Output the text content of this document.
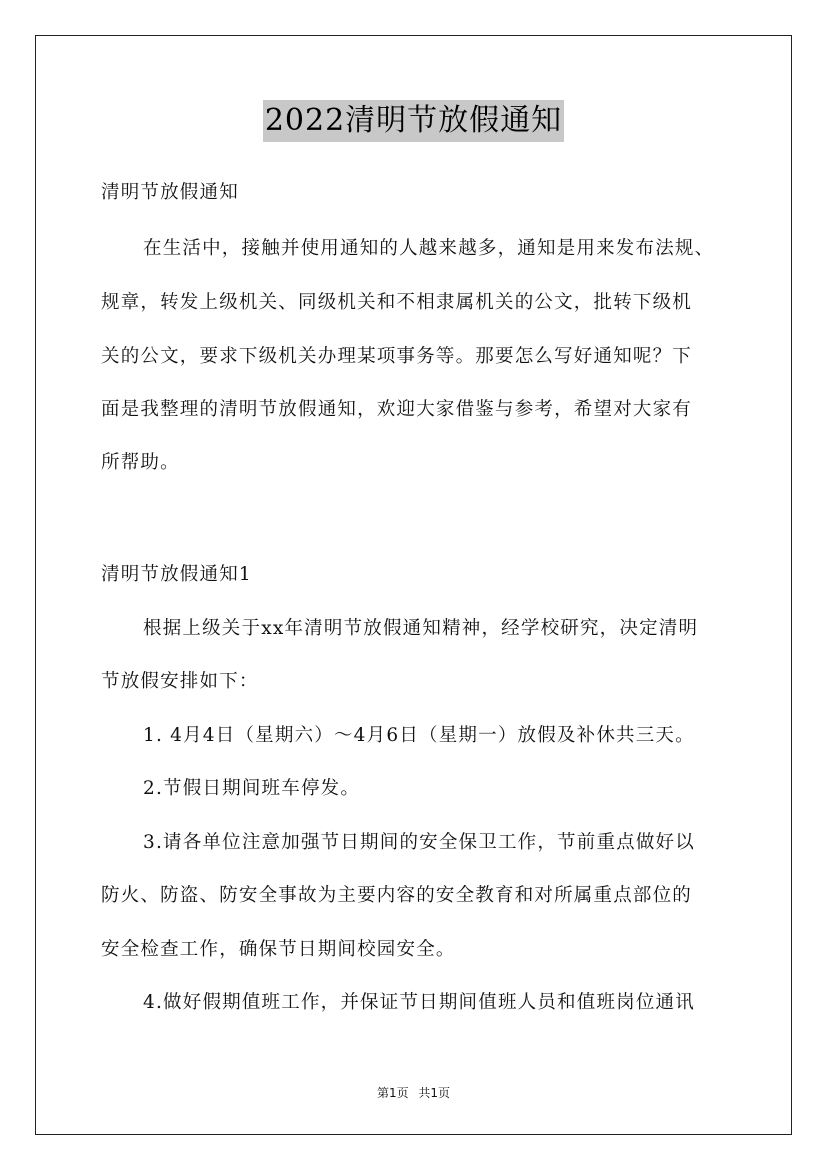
2022清明节放假通知
清明节放假通知
在生活中，接触并使用通知的人越来越多，通知是用来发布法规、
规章，转发上级机关、同级机关和不相隶属机关的公文，批转下级机
关的公文，要求下级机关办理某项事务等。那要怎么写好通知呢？下
面是我整理的清明节放假通知，欢迎大家借鉴与参考，希望对大家有
所帮助。
清明节放假通知1
根据上级关于xx年清明节放假通知精神，经学校研究，决定清明
节放假安排如下：
1. 4月4日（星期六）～4月6日（星期一）放假及补休共三天。
2.节假日期间班车停发。
3.请各单位注意加强节日期间的安全保卫工作，节前重点做好以
防火、防盗、防安全事故为主要内容的安全教育和对所属重点部位的
安全检查工作，确保节日期间校园安全。
4.做好假期值班工作，并保证节日期间值班人员和值班岗位通讯
第1页 共1页
